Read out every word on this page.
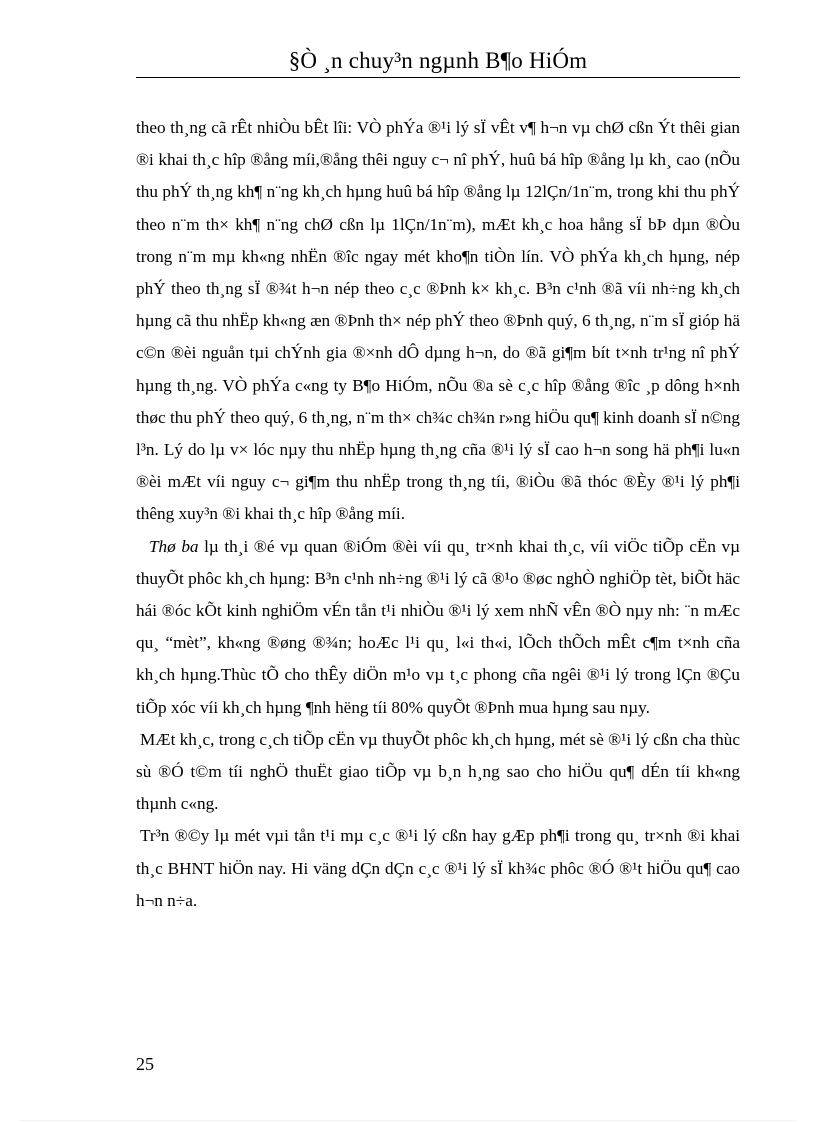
§Ò ¸n chuy³n ngµnh B¶o HiÓm

theo th¸ng cã rÊt nhiÒu bÊt lîi: VÒ phÝa ®¹i lý sÏ vÊt v¶ h¬n vµ chØ cßn Ýt thêi gian ®i khai th¸c hîp ®ång míi,®ång thêi nguy c¬ nî phÝ, huû bá hîp ®ång lµ kh¸ cao (nÕu thu phÝ th¸ng kh¶ n¨ng kh¸ch hµng huû bá hîp ®ång lµ 12lÇn/1n¨m, trong khi thu phÝ theo n¨m th× kh¶ n¨ng chØ cßn lµ 1lÇn/1n¨m), mÆt kh¸c hoa hång sÏ bÞ dµn ®Òu trong n¨m mµ kh«ng nhËn ®îc ngay mét kho¶n tiÒn lín. VÒ phÝa kh¸ch hµng, nép phÝ theo th¸ng sÏ ®¾t h¬n nép theo c¸c ®Þnh k× kh¸c. B³n c¹nh ®ã víi nh÷ng kh¸ch hµng cã thu nhËp kh«ng æn ®Þnh th× nép phÝ theo ®Þnh quý, 6 th¸ng, n¨m sÏ gióp hä c©n ®èi nguån tµi chÝnh gia ®×nh dÔ dµng h¬n, do ®ã gi¶m bít t×nh tr¹ng nî phÝ hµng th¸ng. VÒ phÝa c«ng ty B¶o HiÓm, nÕu ®a sè c¸c hîp ®ång ®îc ¸p dông h×nh thøc thu phÝ theo quý, 6 th¸ng, n¨m th× ch¾c ch¾n r»ng hiÖu qu¶ kinh doanh sÏ n©ng l³n. Lý do lµ v× lóc nµy thu nhËp hµng th¸ng cña ®¹i lý sÏ cao h¬n song hä ph¶i lu«n ®èi mÆt víi nguy c¬ gi¶m thu nhËp trong th¸ng tíi, ®iÒu ®ã thóc ®Èy ®¹i lý ph¶i thêng xuy³n ®i khai th¸c hîp ®ång míi.

Thø ba lµ th¸i ®é vµ quan ®iÓm ®èi víi qu¸ tr×nh khai th¸c, víi viÖc tiÕp cËn vµ thuyÕt phôc kh¸ch hµng: B³n c¹nh nh÷ng ®¹i lý cã ®¹o ®øc nghÒ nghiÖp tèt, biÕt häc hái ®óc kÕt kinh nghiÖm vÉn tån t¹i nhiÒu ®¹i lý xem nhÑ vÊn ®Ò nµy nh: ¨n mÆc qu¸ “mèt”, kh«ng ®øng ®¾n; hoÆc l¹i qu¸ l«i th«i, lÕch thÕch mÊt c¶m t×nh cña kh¸ch hµng.Thùc tÕ cho thÊy diÖn m¹o vµ t¸c phong cña ngêi ®¹i lý trong lÇn ®Çu tiÕp xóc víi kh¸ch hµng ¶nh hëng tíi 80% quyÕt ®Þnh mua hµng sau nµy.

MÆt kh¸c, trong c¸ch tiÕp cËn vµ thuyÕt phôc kh¸ch hµng, mét sè ®¹i lý cßn cha thùc sù ®Ó t©m tíi nghÖ thuËt giao tiÕp vµ b¸n h¸ng sao cho hiÖu qu¶ dÉn tíi kh«ng thµnh c«ng.

Tr³n ®©y lµ mét vµi tån t¹i mµ c¸c ®¹i lý cßn hay gÆp ph¶i trong qu¸ tr×nh ®i khai th¸c BHNT hiÖn nay. Hi väng dÇn dÇn c¸c ®¹i lý sÏ kh¾c phôc ®Ó ®¹t hiÖu qu¶ cao h¬n n÷a.

25
